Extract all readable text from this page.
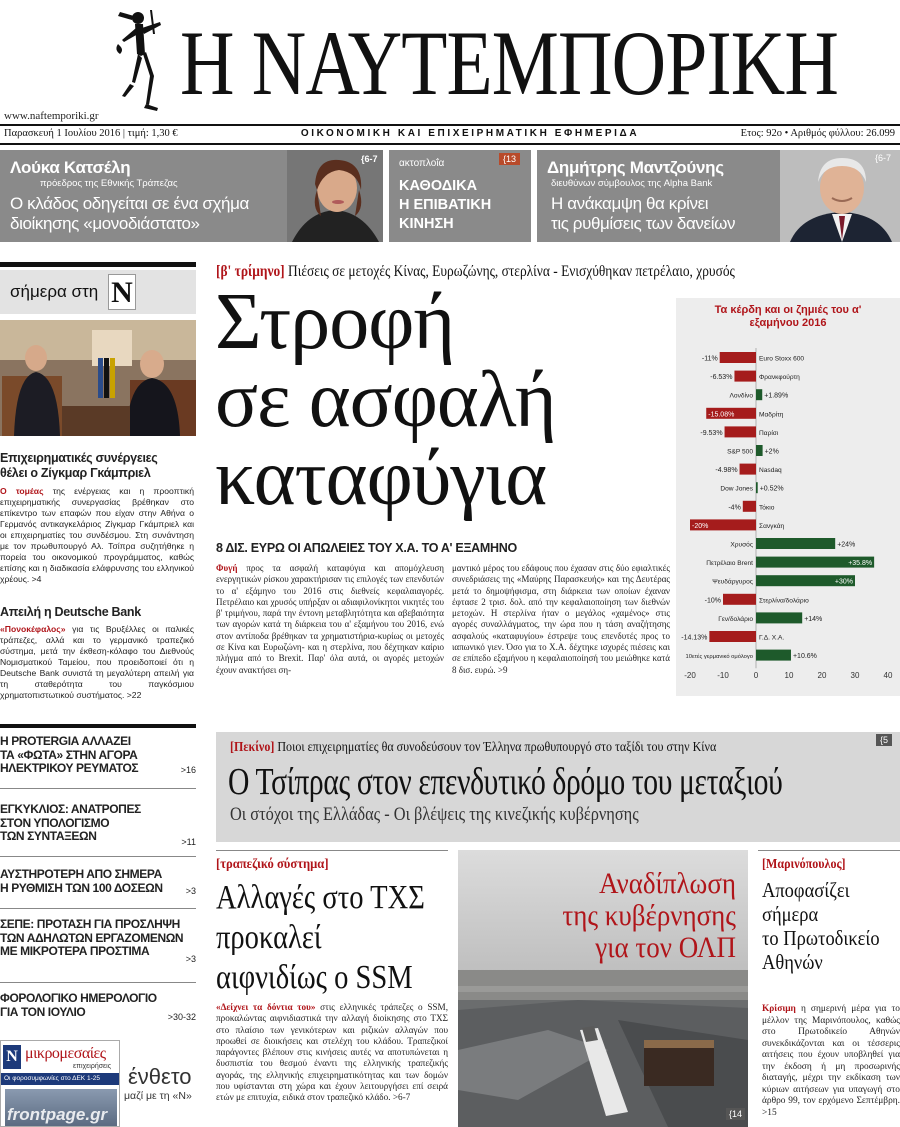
Η ΝΑΥΤΕΜΠΟΡΙΚΗ
www.naftemporiki.gr
Παρασκευή 1 Ιουλίου 2016 | τιμή: 1,30 €	ΟΙΚΟΝΟΜΙΚΗ ΚΑΙ ΕΠΙΧΕΙΡΗΜΑΤΙΚΗ ΕΦΗΜΕΡΙΔΑ	Ετος: 92ο • Αριθμός φύλλου: 26.099
Λούκα Κατσέλη
πρόεδρος της Εθνικής Τράπεζας
Ο κλάδος οδηγείται σε ένα σχήμα
διοίκησης «μονοδιάστατο»
{6-7	ακτοπλοΐα	{13
ΚΑΘΟΔΙΚΑ
Η ΕΠΙΒΑΤΙΚΗ
ΚΙΝΗΣΗ
Δημήτρης Μαντζούνης
διευθύνων σύμβουλος της Alpha Bank
Η ανάκαμψη θα κρίνει
τις ρυθμίσεις των δανείων
{6-7
σήμερα στη N
Επιχειρηματικές συνέργειες
θέλει ο Ζίγκμαρ Γκάμπριελ
Ο τομέας της ενέργειας και η προοπτική επιχειρηματικής συνεργασίας βρέθηκαν στο επίκεντρο των επαφών που είχαν στην Αθήνα ο Γερμανός αντικαγκελάριος Ζίγκμαρ Γκάμπριελ και οι επιχειρηματίες του συνδέσμου. Στη συνάντηση με τον πρωθυπουργό Αλ. Τσίπρα συζητήθηκε η πορεία του οικονομικού προγράμματος, καθώς επίσης και η διαδικασία ελάφρυνσης του ελληνικού χρέους. >4
Απειλή η Deutsche Bank
«Πονοκέφαλος» για τις Βρυξέλλες οι ιταλικές τράπεζες, αλλά και το γερμανικό τραπεζικό σύστημα, μετά την έκθεση-κόλαφο του Διεθνούς Νομισματικού Ταμείου, που προειδοποιεί ότι η Deutsche Bank συνιστά τη μεγαλύτερη απειλή για τη σταθερότητα του παγκόσμιου χρηματοπιστωτικού συστήματος. >22
Η PROTERGIA ΑΛΛΑΖΕΙ
ΤΑ «ΦΩΤΑ» ΣΤΗΝ ΑΓΟΡΑ
ΗΛΕΚΤΡΙΚΟΥ ΡΕΥΜΑΤΟΣ	>16
ΕΓΚΥΚΛΙΟΣ: ΑΝΑΤΡΟΠΕΣ
ΣΤΟΝ ΥΠΟΛΟΓΙΣΜΟ
ΤΩΝ ΣΥΝΤΑΞΕΩΝ	>11
ΑΥΣΤΗΡΟΤΕΡΗ ΑΠΟ ΣΗΜΕΡΑ
Η ΡΥΘΜΙΣΗ ΤΩΝ 100 ΔΟΣΕΩΝ	>3
ΣΕΠΕ: ΠΡΟΤΑΣΗ ΓΙΑ ΠΡΟΣΛΗΨΗ
ΤΩΝ ΑΔΗΛΩΤΩΝ ΕΡΓΑΖΟΜΕΝΩΝ
ΜΕ ΜΙΚΡΟΤΕΡΑ ΠΡΟΣΤΙΜΑ
>3
ΦΟΡΟΛΟΓΙΚΟ ΗΜΕΡΟΛΟΓΙΟ
ΓΙΑ ΤΟΝ ΙΟΥΛΙΟ	>30-32
N μικρομεσαίες
επιχειρήσεις
Οι φοροσυμφωνίες στο ΔΕΚ 1-25
frontpage.gr
ένθετο
μαζί με τη «Ν»
[β' τρίμηνο] Πιέσεις σε μετοχές Κίνας, Ευρωζώνης, στερλίνα - Ενισχύθηκαν πετρέλαιο, χρυσός
Στροφή
σε ασφαλή
καταφύγια
8 ΔΙΣ. ΕΥΡΩ ΟΙ ΑΠΩΛΕΙΕΣ ΤΟΥ Χ.Α. ΤΟ Α' ΕΞΑΜΗΝΟ
Φυγή προς τα ασφαλή καταφύγια και απομόχλευση ενεργητικών ρίσκου χαρακτήρισαν τις επιλογές των επενδυτών το α' εξάμηνο του 2016 στις διεθνείς κεφαλαιαγορές. Πετρέλαιο και χρυσός υπήρξαν οι αδιαφιλονίκητοι νικητές του β' τριμήνου, παρά την έντονη μεταβλητότητα και αβεβαιότητα των αγορών κατά τη διάρκεια του α' εξαμήνου του 2016, ενώ στον αντίποδα βρέθηκαν τα χρηματιστήρια-κυρίως οι μετοχές σε Κίνα και Ευρωζώνη- και η στερλίνα, που δέχτηκαν καίριο πλήγμα από το Brexit. Παρ' όλα αυτά, οι αγορές μετοχών έχουν ανακτήσει ση-
μαντικό μέρος του εδάφους που έχασαν στις δύο εφιαλτικές συνεδριάσεις της «Μαύρης Παρασκευής» και της Δευτέρας μετά το δημοψήφισμα, στη διάρκεια των οποίων έχαναν έφτασε 2 τρισ. δολ. από την κεφαλαιοποίηση των διεθνών μετοχών. Η στερλίνα ήταν ο μεγάλος «χαμένος» στις αγορές συναλλάγματος, την ώρα που η τάση αναζήτησης ασφαλούς «καταφυγίου» έστρεψε τους επενδυτές προς το ιαπωνικό γιεν. Όσο για το Χ.Α. δέχτηκε ισχυρές πιέσεις και σε επίπεδο εξαμήνου η κεφαλαιοποίησή του μειώθηκε κατά 8 δισ. ευρώ. >9
Τα κέρδη και οι ζημιές του α' εξαμήνου 2016
Euro Stoxx 600
-11%
Φρανκφούρτη
-6.53%
Λονδίνο +1.89%
Μαδρίτη
-15.08%
Παρίσι
-9.53%
S&P 500 +2%
Nasdaq
-4.98%
Dow Jones +0.52%
Τόκιο
-4%
Σανγκάη
-20%
Χρυσός	+24%
Πετρέλαιο Brent	+35.8%
Ψευδάργυρος	+30%
Στερλίνα/δολάριο
-10%
Γεν/δολάριο	+14%
Γ.Δ. Χ.Α.
-14.13%
10ετές γερμανικό ομόλογο	+10.6%
-20	-10	0	10	20	30	40
[Πεκίνο] Ποιοι επιχειρηματίες θα συνοδεύσουν τον Έλληνα πρωθυπουργό στο ταξίδι του στην Κίνα	{5
Ο Τσίπρας στον επενδυτικό δρόμο του μεταξιού
Οι στόχοι της Ελλάδας - Οι βλέψεις της κινεζικής κυβέρνησης
[τραπεζικό σύστημα]
Αλλαγές στο ΤΧΣ
προκαλεί
αιφνιδίως ο SSM
«Δείχνει τα δόντια του» στις ελληνικές τράπεζες ο SSM, προκαλώντας αιφνιδιαστικά την αλλαγή διοίκησης στο ΤΧΣ στο πλαίσιο των γενικότερων και ριζικών αλλαγών που προωθεί σε διοικήσεις και στελέχη του κλάδου. Τραπεζικοί παράγοντες βλέπουν στις κινήσεις αυτές να αποτυπώνεται η δυσπιστία του θεσμού έναντι της ελληνικής τραπεζικής αγοράς, της ελληνικής επιχειρηματικότητας και των δομών που υφίστανται στη χώρα και έχουν λειτουργήσει επί σειρά ετών με επιτυχία, ειδικά στον τραπεζικό κλάδο. >6-7
Αναδίπλωση
της κυβέρνησης
για τον ΟΛΠ
{14
[Μαρινόπουλος]
Αποφασίζει
σήμερα
το Πρωτοδικείο
Αθηνών
Κρίσιμη η σημερινή μέρα για το μέλλον της Μαρινόπουλος, καθώς στο Πρωτοδικείο Αθηνών συνεκδικάζονται και οι τέσσερις αιτήσεις που έχουν υποβληθεί για την έκδοση ή μη προσωρινής διαταγής, μέχρι την εκδίκαση των κύριων αιτήσεων για υπαγωγή στο άρθρο 99, τον ερχόμενο Σεπτέμβρη. >15
